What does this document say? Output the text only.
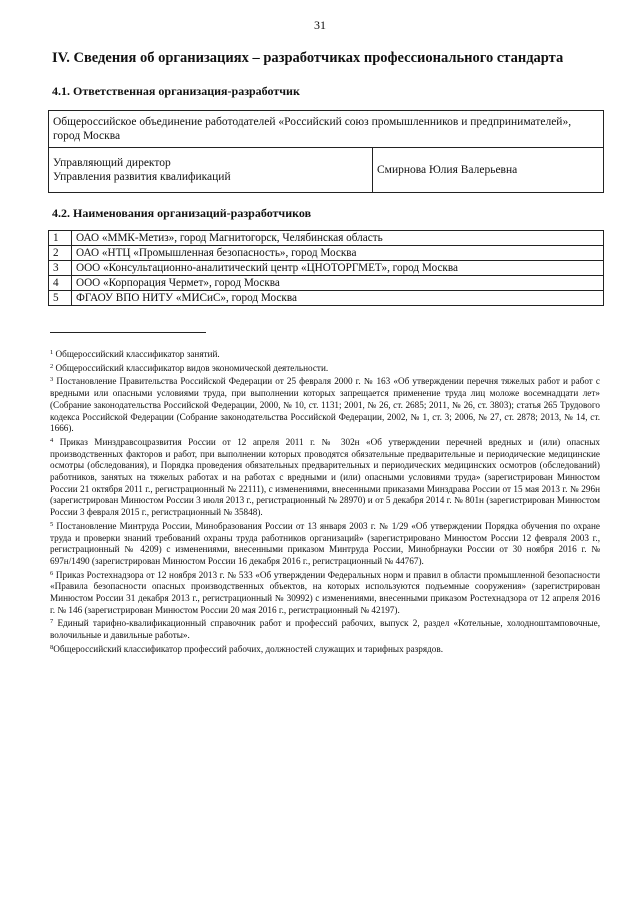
31
IV. Сведения об организациях – разработчиках профессионального стандарта
4.1. Ответственная организация-разработчик
Общероссийское объединение работодателей «Российский союз промышленников и предпринимателей», город Москва

Управляющий директор
Управления развития квалификаций
	Смирнова Юлия Валерьевна
4.2. Наименования организаций-разработчиков
1	ОАО «ММК-Метиз», город Магнитогорск, Челябинская область
2	ОАО «НТЦ «Промышленная безопасность», город Москва
3	ООО «Консультационно-аналитический центр «ЦНОТОРГМЕТ», город Москва
4	ООО «Корпорация Чермет», город Москва
5	ФГАОУ ВПО НИТУ «МИСиС», город Москва

$^1$ Общероссийский классификатор занятий.

$^2$ Общероссийский классификатор видов экономической деятельности.

$^3$ Постановление Правительства Российской Федерации от 25 февраля 2000 г. № 163 «Об утверждении перечня тяжелых работ и работ с вредными или опасными условиями труда, при выполнении которых запрещается применение труда лиц моложе восемнадцати лет» (Собрание законодательства Российской Федерации, 2000, № 10, ст. 1131; 2001, № 26, ст. 2685; 2011, № 26, ст. 3803); статья 265 Трудового кодекса Российской Федерации (Собрание законодательства Российской Федерации, 2002, № 1, ст. 3; 2006, № 27, ст. 2878; 2013, № 14, ст. 1666).

$^4$ Приказ Минздравсоцразвития России от 12 апреля 2011 г. № 302н «Об утверждении перечней вредных и (или) опасных производственных факторов и работ, при выполнении которых проводятся обязательные предварительные и периодические медицинские осмотры (обследования), и Порядка проведения обязательных предварительных и периодических медицинских осмотров (обследований) работников, занятых на тяжелых работах и на работах с вредными и (или) опасными условиями труда» (зарегистрирован Минюстом России 21 октября 2011 г., регистрационный № 22111), с изменениями, внесенными приказами Минздрава России от 15 мая 2013 г. № 296н (зарегистрирован Минюстом России 3 июля 2013 г., регистрационный № 28970) и от 5 декабря 2014 г. № 801н (зарегистрирован Минюстом России 3 февраля 2015 г., регистрационный № 35848).

$^5$ Постановление Минтруда России, Минобразования России от 13 января 2003 г. № 1/29 «Об утверждении Порядка обучения по охране труда и проверки знаний требований охраны труда работников организаций» (зарегистрировано Минюстом России 12 февраля 2003 г., регистрационный № 4209) с изменениями, внесенными приказом Минтруда России, Минобрнауки России от 30 ноября 2016 г. № 697н/1490 (зарегистрирован Минюстом России 16 декабря 2016 г., регистрационный № 44767).

$^6$ Приказ Ростехнадзора от 12 ноября 2013 г. № 533 «Об утверждении Федеральных норм и правил в области промышленной безопасности «Правила безопасности опасных производственных объектов, на которых используются подъемные сооружения» (зарегистрирован Минюстом России 31 декабря 2013 г., регистрационный № 30992) с изменениями, внесенными приказом Ростехнадзора от 12 апреля 2016 г. № 146 (зарегистрирован Минюстом России 20 мая 2016 г., регистрационный № 42197).

$^7$ Единый тарифно-квалификационный справочник работ и профессий рабочих, выпуск 2, раздел «Котельные, холодноштамповочные, волочильные и давильные работы».

$^8$Общероссийский классификатор профессий рабочих, должностей служащих и тарифных разрядов.
